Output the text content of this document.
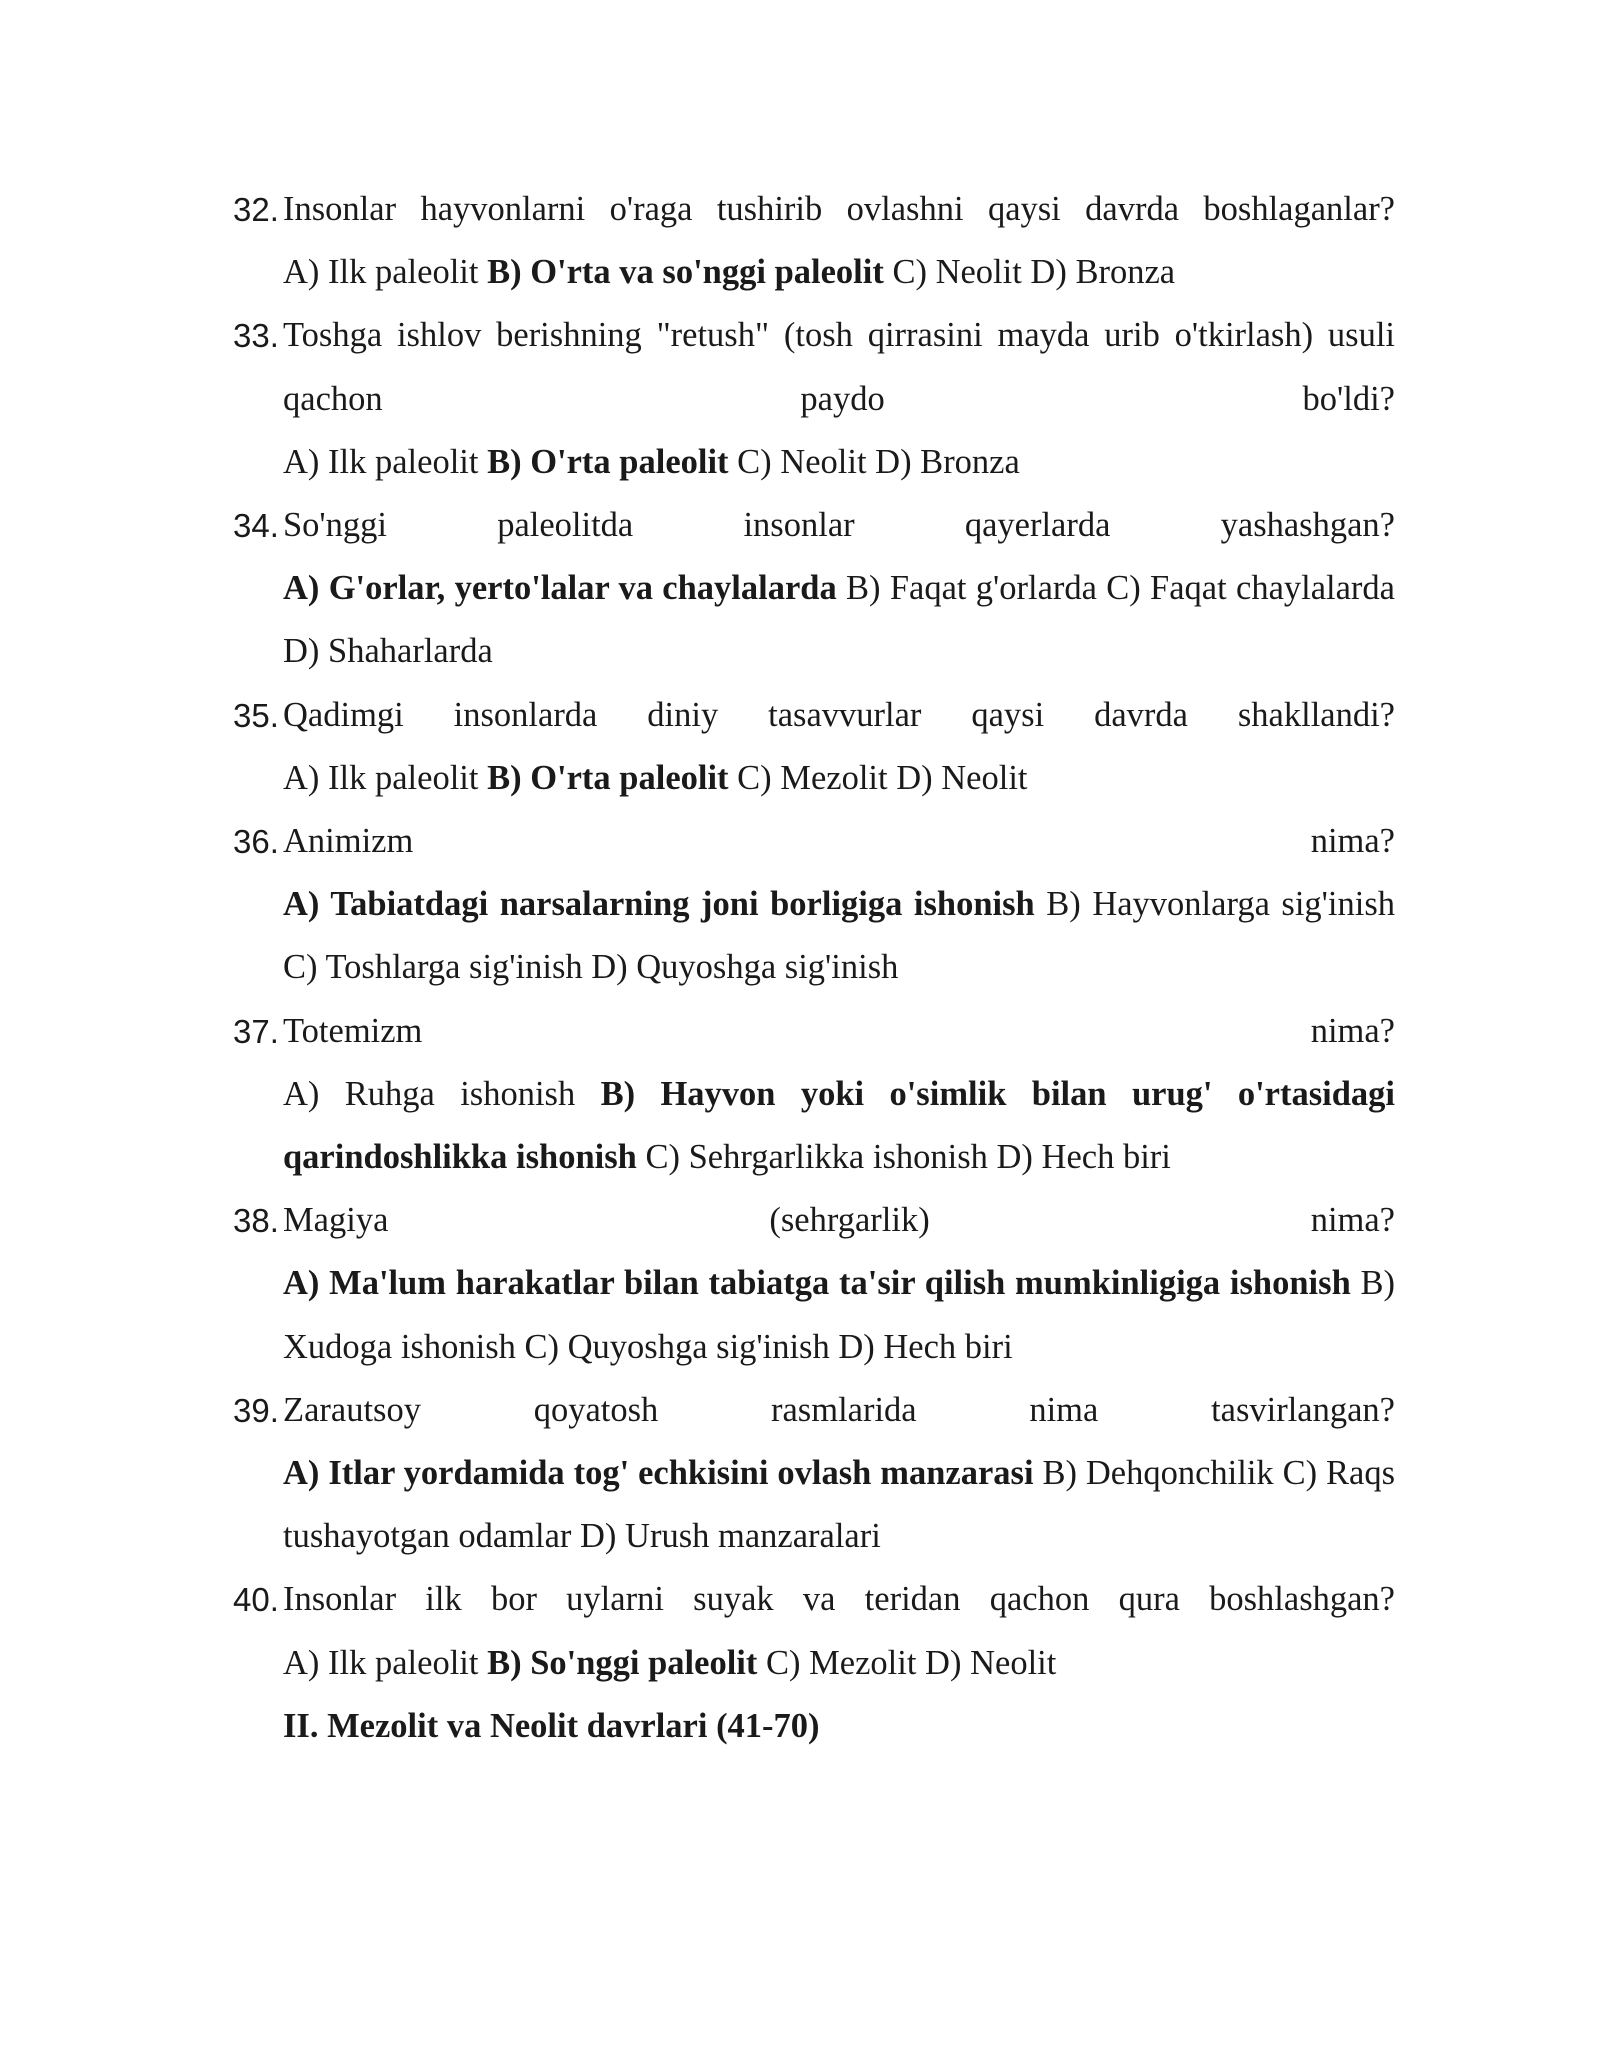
32. Insonlar hayvonlarni o'raga tushirib ovlashni qaysi davrda boshlaganlar?
A) Ilk paleolit B) O'rta va so'nggi paleolit C) Neolit D) Bronza
33. Toshga ishlov berishning "retush" (tosh qirrasini mayda urib o'tkirlash) usuli qachon paydo bo'ldi?
A) Ilk paleolit B) O'rta paleolit C) Neolit D) Bronza
34. So'nggi paleolitda insonlar qayerlarda yashashgan?
A) G'orlar, yerto'lalar va chaylalarda B) Faqat g'orlarda C) Faqat chaylalarda D) Shaharlarda
35. Qadimgi insonlarda diniy tasavvurlar qaysi davrda shakllandi?
A) Ilk paleolit B) O'rta paleolit C) Mezolit D) Neolit
36. Animizm nima?
A) Tabiatdagi narsalarning joni borligiga ishonish B) Hayvonlarga sig'inish C) Toshlarga sig'inish D) Quyoshga sig'inish
37. Totemizm nima?
A) Ruhga ishonish B) Hayvon yoki o'simlik bilan urug' o'rtasidagi qarindoshlikka ishonish C) Sehrgarlikka ishonish D) Hech biri
38. Magiya (sehrgarlik) nima?
A) Ma'lum harakatlar bilan tabiatga ta'sir qilish mumkinligiga ishonish B) Xudoga ishonish C) Quyoshga sig'inish D) Hech biri
39. Zarautsoy qoyatosh rasmlarida nima tasvirlangan?
A) Itlar yordamida tog' echkisini ovlash manzarasi B) Dehqonchilik C) Raqs tushayotgan odamlar D) Urush manzaralari
40. Insonlar ilk bor uylarni suyak va teridan qachon qura boshlashgan?
A) Ilk paleolit B) So'nggi paleolit C) Mezolit D) Neolit
II. Mezolit va Neolit davrlari (41-70)
